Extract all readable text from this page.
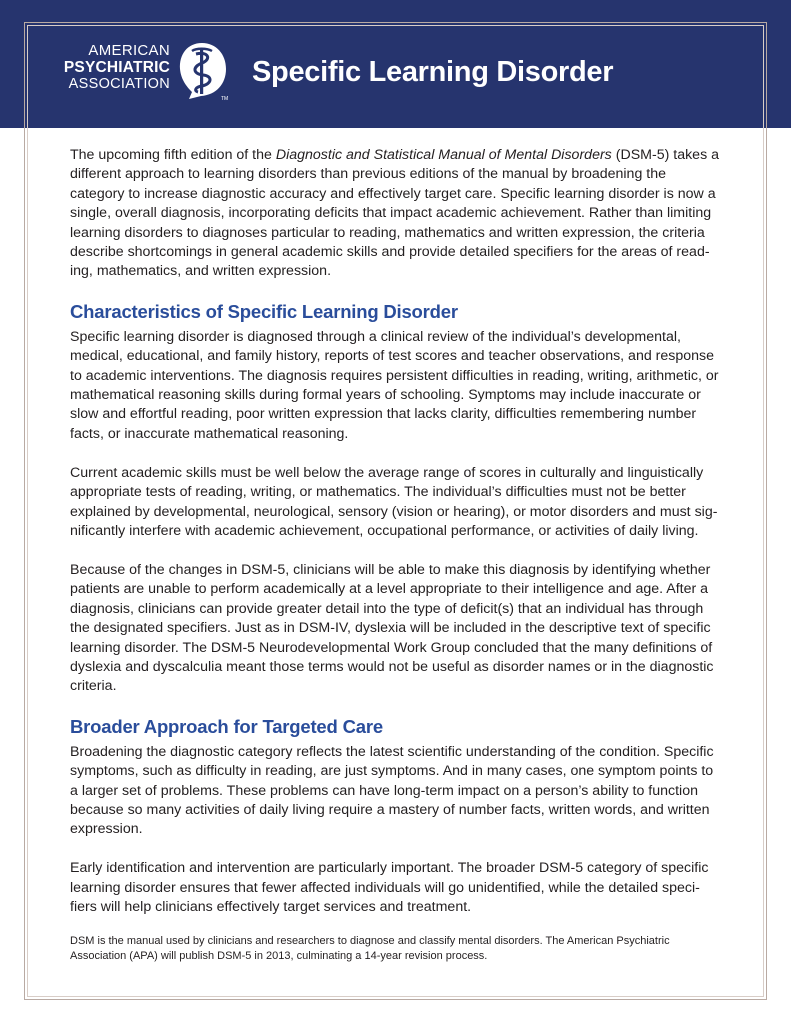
AMERICAN
PSYCHIATRIC
ASSOCIATION
TM
Specific Learning Disorder

The upcoming fifth edition of the Diagnostic and Statistical Manual of Mental Disorders (DSM-5) takes a different approach to learning disorders than previous editions of the manual by broadening the category to increase diagnostic accuracy and effectively target care. Specific learning disorder is now a single, overall diagnosis, incorporating deficits that impact academic achievement. Rather than limiting learning disorders to diagnoses particular to reading, mathematics and written expression, the criteria describe shortcomings in general academic skills and provide detailed specifiers for the areas of read-ing, mathematics, and written expression.

Characteristics of Specific Learning Disorder

Specific learning disorder is diagnosed through a clinical review of the individual’s developmental, medical, educational, and family history, reports of test scores and teacher observations, and response to academic interventions. The diagnosis requires persistent difficulties in reading, writing, arithmetic, or mathematical reasoning skills during formal years of schooling. Symptoms may include inaccurate or slow and effortful reading, poor written expression that lacks clarity, difficulties remembering number facts, or inaccurate mathematical reasoning.

Current academic skills must be well below the average range of scores in culturally and linguistically appropriate tests of reading, writing, or mathematics. The individual’s difficulties must not be better explained by developmental, neurological, sensory (vision or hearing), or motor disorders and must sig-nificantly interfere with academic achievement, occupational performance, or activities of daily living.

Because of the changes in DSM-5, clinicians will be able to make this diagnosis by identifying whether patients are unable to perform academically at a level appropriate to their intelligence and age. After a diagnosis, clinicians can provide greater detail into the type of deficit(s) that an individual has through the designated specifiers. Just as in DSM-IV, dyslexia will be included in the descriptive text of specific learning disorder. The DSM-5 Neurodevelopmental Work Group concluded that the many definitions of dyslexia and dyscalculia meant those terms would not be useful as disorder names or in the diagnostic criteria.

Broader Approach for Targeted Care

Broadening the diagnostic category reflects the latest scientific understanding of the condition. Specific symptoms, such as difficulty in reading, are just symptoms. And in many cases, one symptom points to a larger set of problems. These problems can have long-term impact on a person’s ability to function because so many activities of daily living require a mastery of number facts, written words, and written expression.

Early identification and intervention are particularly important. The broader DSM-5 category of specific learning disorder ensures that fewer affected individuals will go unidentified, while the detailed speci-fiers will help clinicians effectively target services and treatment.

DSM is the manual used by clinicians and researchers to diagnose and classify mental disorders. The American Psychiatric Association (APA) will publish DSM-5 in 2013, culminating a 14-year revision process.
